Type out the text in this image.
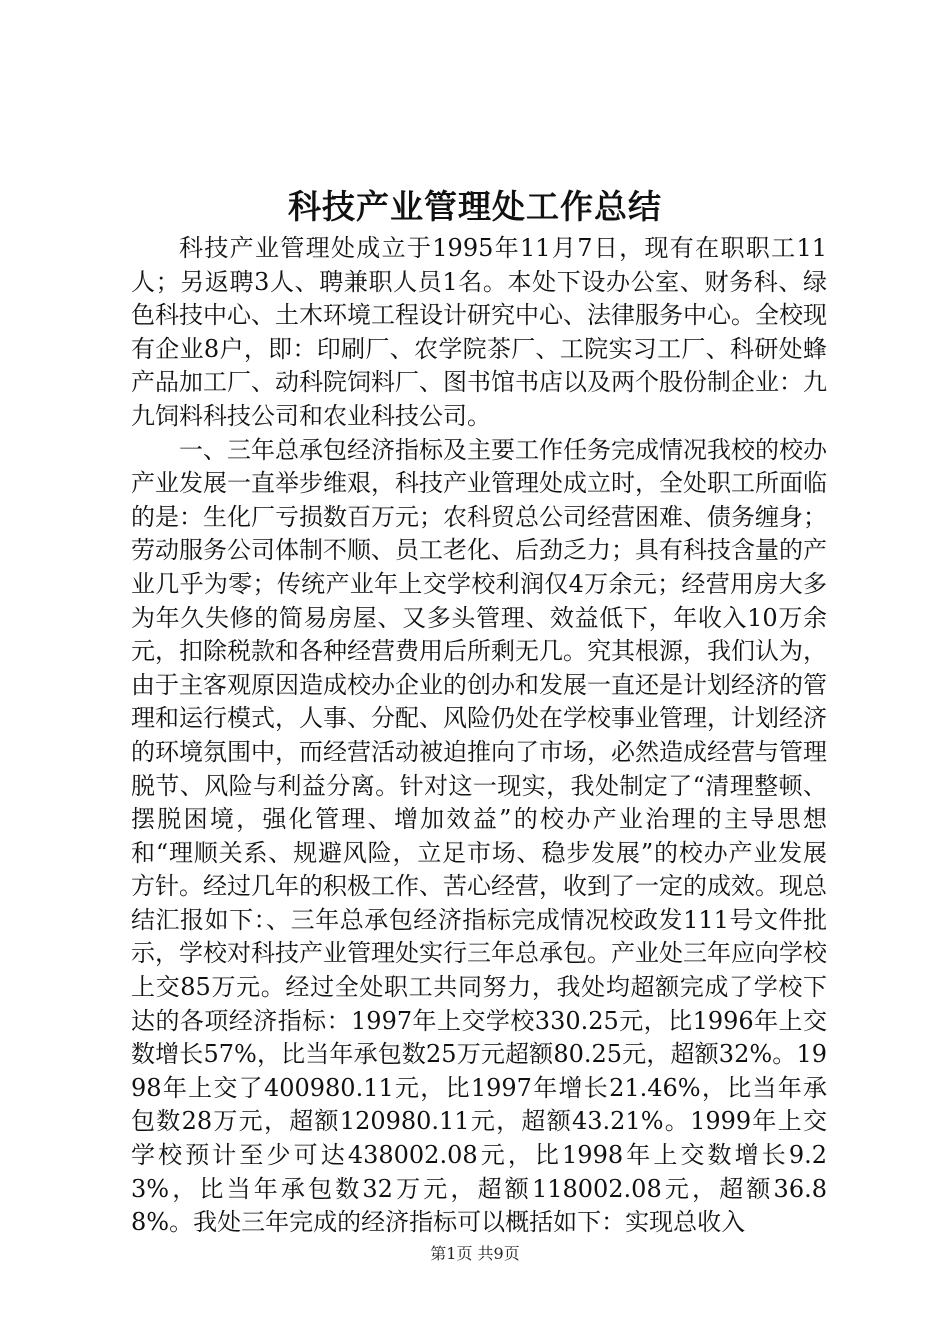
科技产业管理处工作总结

科技产业管理处成立于1995年11月7日，现有在职职工11人；另返聘3人、聘兼职人员1名。本处下设办公室、财务科、绿色科技中心、土木环境工程设计研究中心、法律服务中心。全校现有企业8户，即：印刷厂、农学院茶厂、工院实习工厂、科研处蜂产品加工厂、动科院饲料厂、图书馆书店以及两个股份制企业：九九饲料科技公司和农业科技公司。

一、三年总承包经济指标及主要工作任务完成情况我校的校办产业发展一直举步维艰，科技产业管理处成立时，全处职工所面临的是：生化厂亏损数百万元；农科贸总公司经营困难、债务缠身；劳动服务公司体制不顺、员工老化、后劲乏力；具有科技含量的产业几乎为零；传统产业年上交学校利润仅4万余元；经营用房大多为年久失修的简易房屋、又多头管理、效益低下，年收入10万余元，扣除税款和各种经营费用后所剩无几。究其根源，我们认为，由于主客观原因造成校办企业的创办和发展一直还是计划经济的管理和运行模式，人事、分配、风险仍处在学校事业管理，计划经济的环境氛围中，而经营活动被迫推向了市场，必然造成经营与管理脱节、风险与利益分离。针对这一现实，我处制定了“清理整顿、摆脱困境，强化管理、增加效益”的校办产业治理的主导思想和“理顺关系、规避风险，立足市场、稳步发展”的校办产业发展方针。经过几年的积极工作、苦心经营，收到了一定的成效。现总结汇报如下：、三年总承包经济指标完成情况校政发111号文件批示，学校对科技产业管理处实行三年总承包。产业处三年应向学校上交85万元。经过全处职工共同努力，我处均超额完成了学校下达的各项经济指标：1997年上交学校330.25元，比1996年上交数增长57%，比当年承包数25万元超额80.25元，超额32%。1998年上交了400980.11元，比1997年增长21.46%，比当年承包数28万元，超额120980.11元，超额43.21%。1999年上交学校预计至少可达438002.08元，比1998年上交数增长9.23%，比当年承包数32万元，超额118002.08元，超额36.88%。我处三年完成的经济指标可以概括如下：实现总收入

第1页 共9页
